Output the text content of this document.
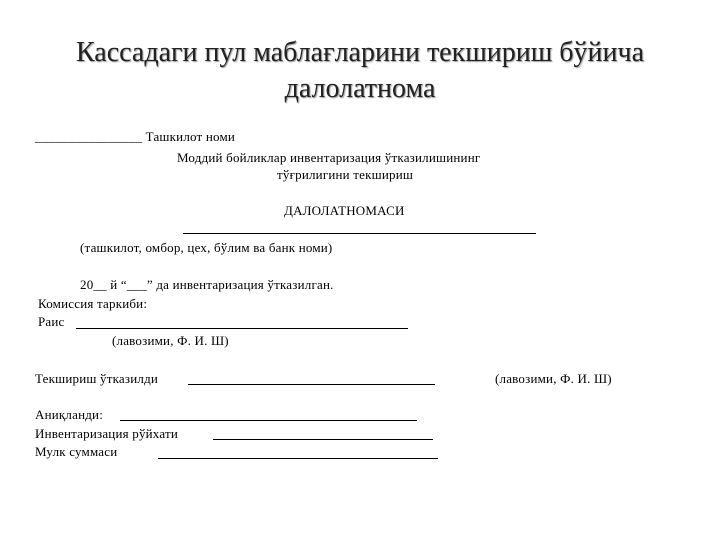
Кассадаги пул маблағларини текшириш бўйича
далолатнома
________________ Ташкилот номи
Моддий бойликлар инвентаризация ўтказилишининг
тўғрилигини текшириш
ДАЛОЛАТНОМАСИ
(ташкилот, омбор, цех, бўлим ва банк номи)
20__ й “___” да инвентаризация ўтказилган.
Комиссия таркиби:
Раис
(лавозими, Ф. И. Ш)
Текшириш ўтказилди	(лавозими, Ф. И. Ш)
Аниқланди:
Инвентаризация рўйхати
Мулк суммаси
